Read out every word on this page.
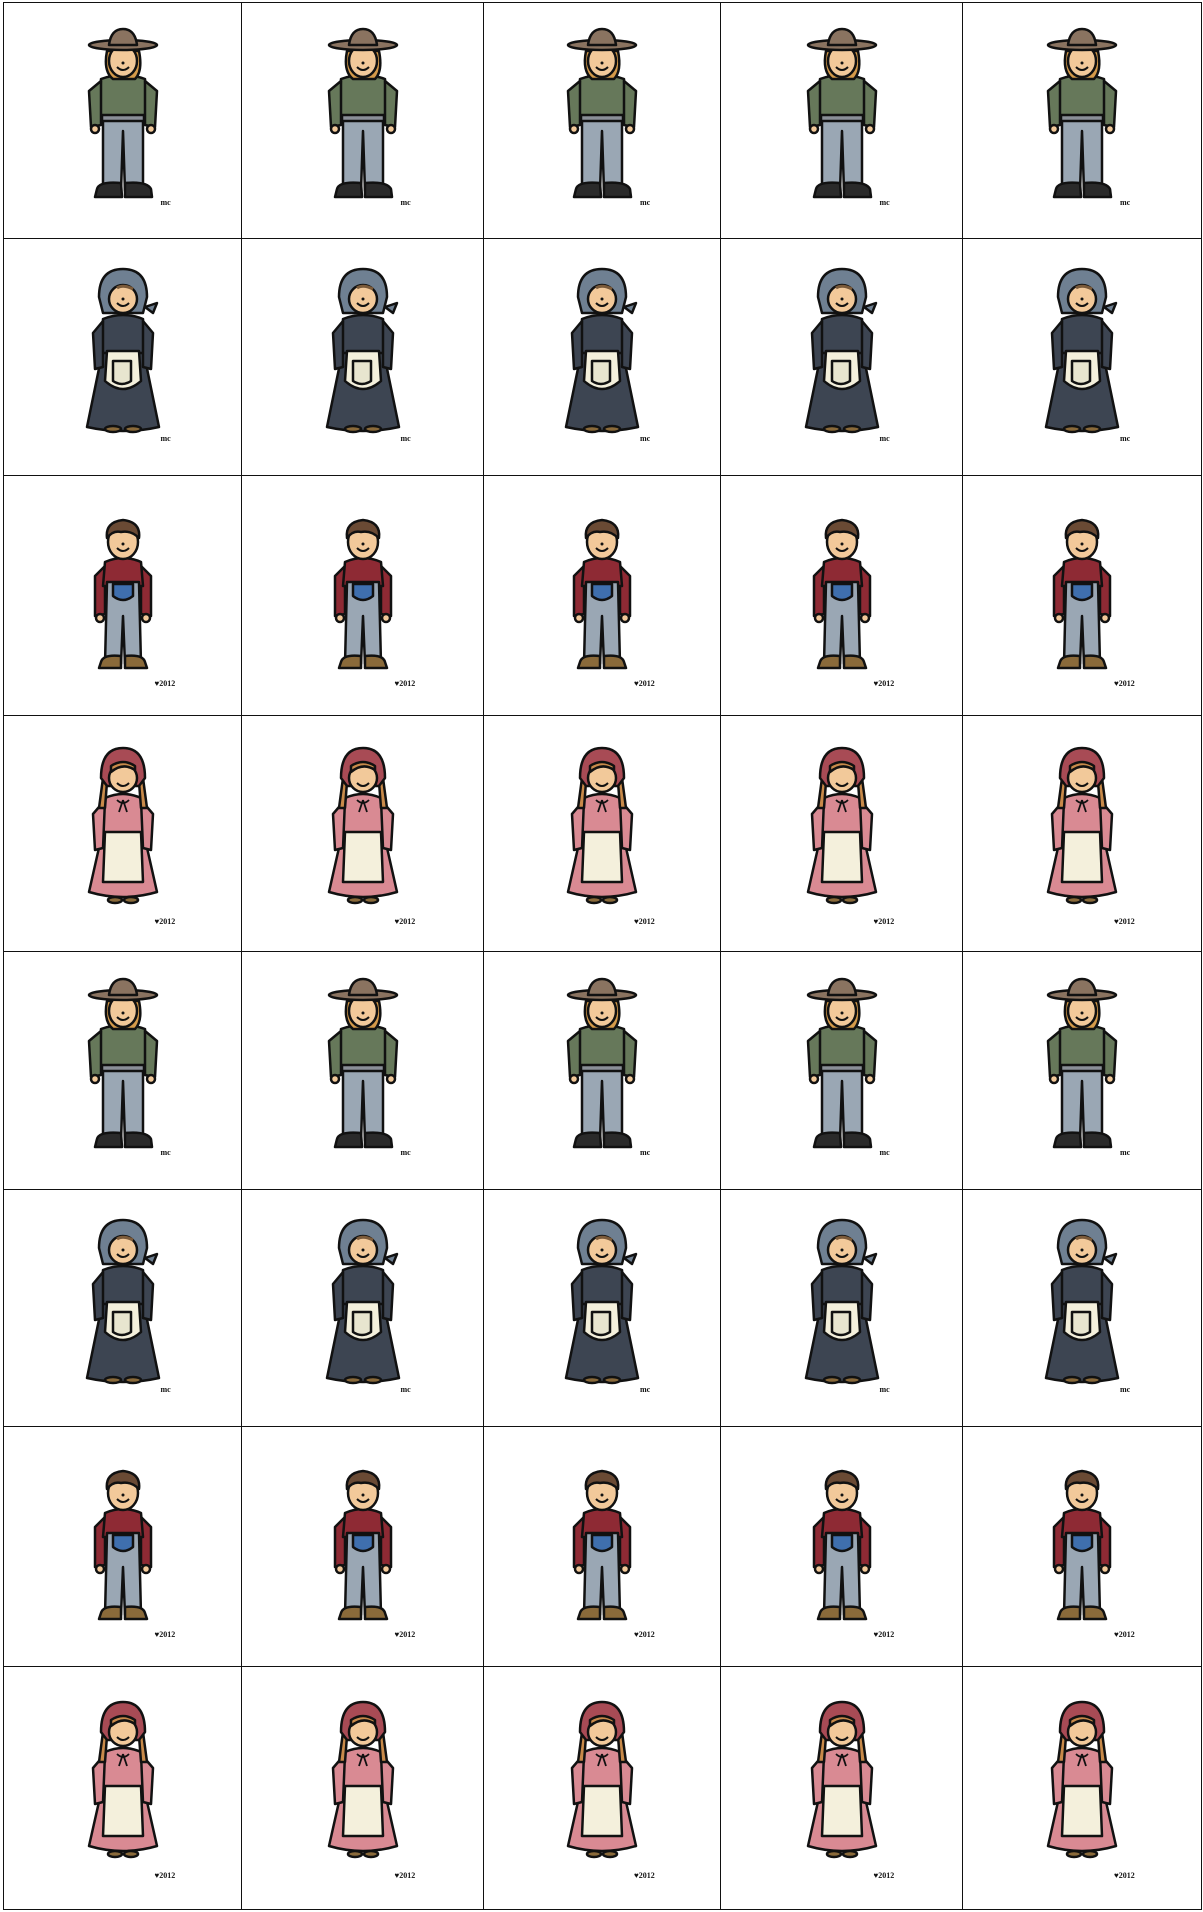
mc	mc	mc	mc	mc
mc	mc	mc	mc	mc
♥2012	♥2012	♥2012	♥2012	♥2012
♥2012	♥2012	♥2012	♥2012	♥2012
mc	mc	mc	mc	mc
mc	mc	mc	mc	mc
♥2012	♥2012	♥2012	♥2012	♥2012
♥2012	♥2012	♥2012	♥2012	♥2012
